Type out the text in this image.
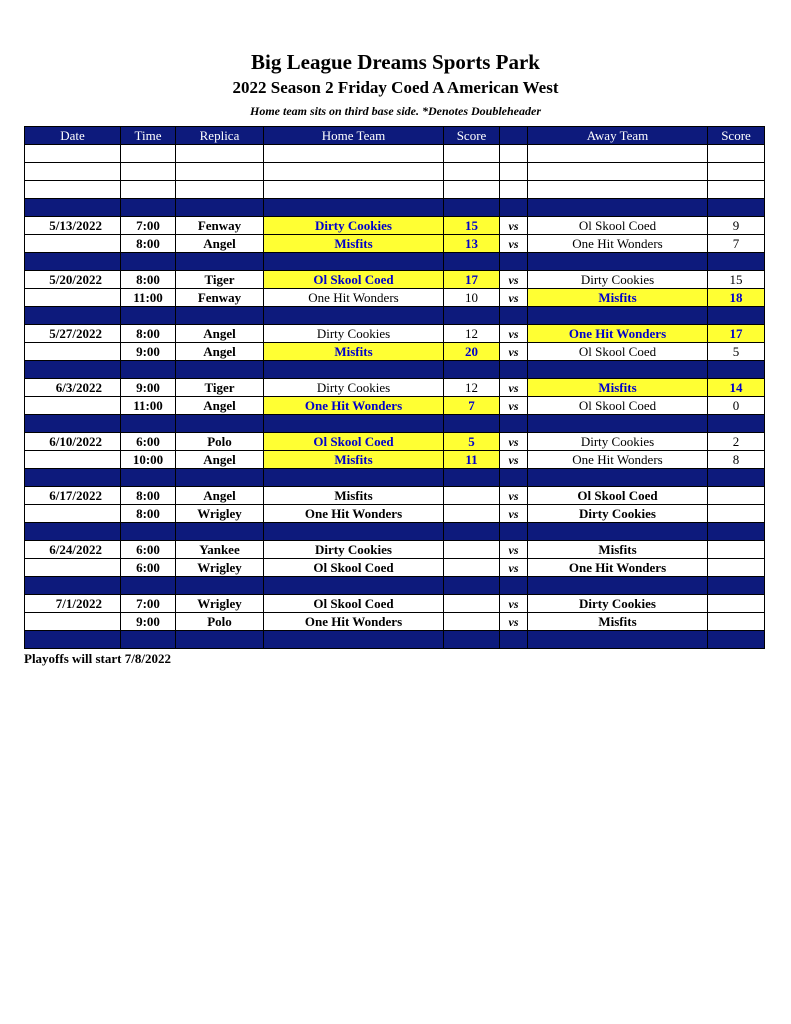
Big League Dreams Sports Park
2022 Season 2 Friday Coed A American West
Home team sits on third base side. *Denotes Doubleheader
Date	Time	Replica	Home Team	Score		Away Team	Score

5/13/2022	7:00	Fenway	Dirty Cookies	15	vs	Ol Skool Coed	9
	8:00	Angel	Misfits	13	vs	One Hit Wonders	7

5/20/2022	8:00	Tiger	Ol Skool Coed	17	vs	Dirty Cookies	15
	11:00	Fenway	One Hit Wonders	10	vs	Misfits	18

5/27/2022	8:00	Angel	Dirty Cookies	12	vs	One Hit Wonders	17
	9:00	Angel	Misfits	20	vs	Ol Skool Coed	5

6/3/2022	9:00	Tiger	Dirty Cookies	12	vs	Misfits	14
	11:00	Angel	One Hit Wonders	7	vs	Ol Skool Coed	0

6/10/2022	6:00	Polo	Ol Skool Coed	5	vs	Dirty Cookies	2
	10:00	Angel	Misfits	11	vs	One Hit Wonders	8

6/17/2022	8:00	Angel	Misfits		vs	Ol Skool Coed	
	8:00	Wrigley	One Hit Wonders		vs	Dirty Cookies	

6/24/2022	6:00	Yankee	Dirty Cookies		vs	Misfits	
	6:00	Wrigley	Ol Skool Coed		vs	One Hit Wonders	

7/1/2022	7:00	Wrigley	Ol Skool Coed		vs	Dirty Cookies	
	9:00	Polo	One Hit Wonders		vs	Misfits	

Playoffs will start 7/8/2022
